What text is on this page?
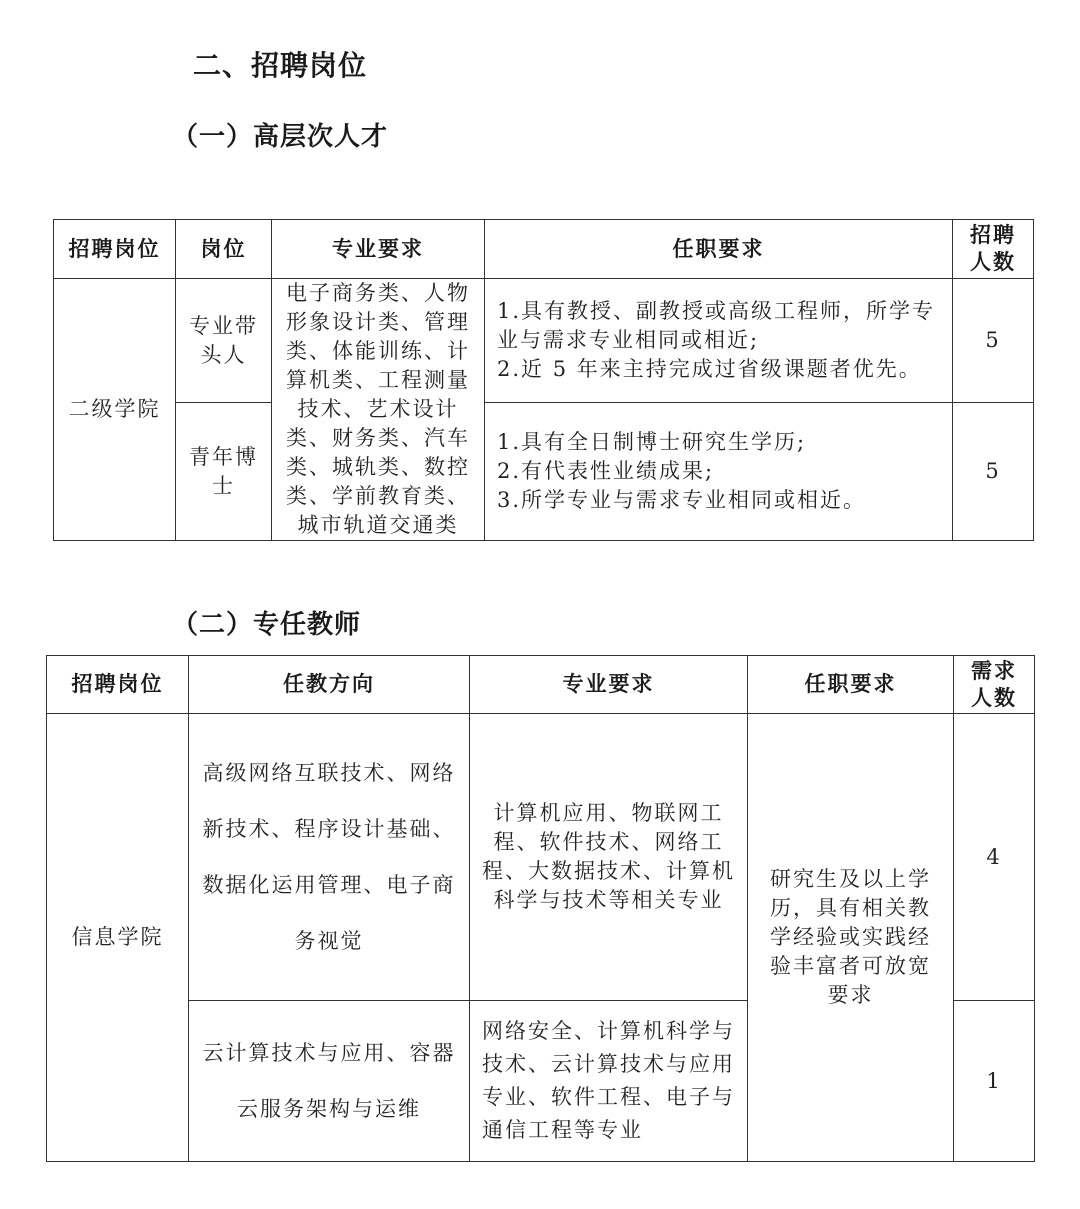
二、招聘岗位
（一）高层次人才
招聘岗位	岗位	专业要求	任职要求	招聘人数
二级学院	专业带头人	电子商务类、人物形象设计类、管理类、体能训练、计算机类、工程测量技术、艺术设计类、财务类、汽车类、城轨类、数控类、学前教育类、城市轨道交通类	1.具有教授、副教授或高级工程师，所学专业与需求专业相同或相近;
2.近 5 年来主持完成过省级课题者优先。	5
	青年博士		1.具有全日制博士研究生学历;
2.有代表性业绩成果;
3.所学专业与需求专业相同或相近。	5
（二）专任教师
招聘岗位	任教方向	专业要求	任职要求	需求人数
信息学院	高级网络互联技术、网络新技术、程序设计基础、数据化运用管理、电子商务视觉	计算机应用、物联网工程、软件技术、网络工程、大数据技术、计算机科学与技术等相关专业	研究生及以上学历，具有相关教学经验或实践经验丰富者可放宽要求	4
	云计算技术与应用、容器云服务架构与运维	网络安全、计算机科学与技术、云计算技术与应用专业、软件工程、电子与通信工程等专业		1
